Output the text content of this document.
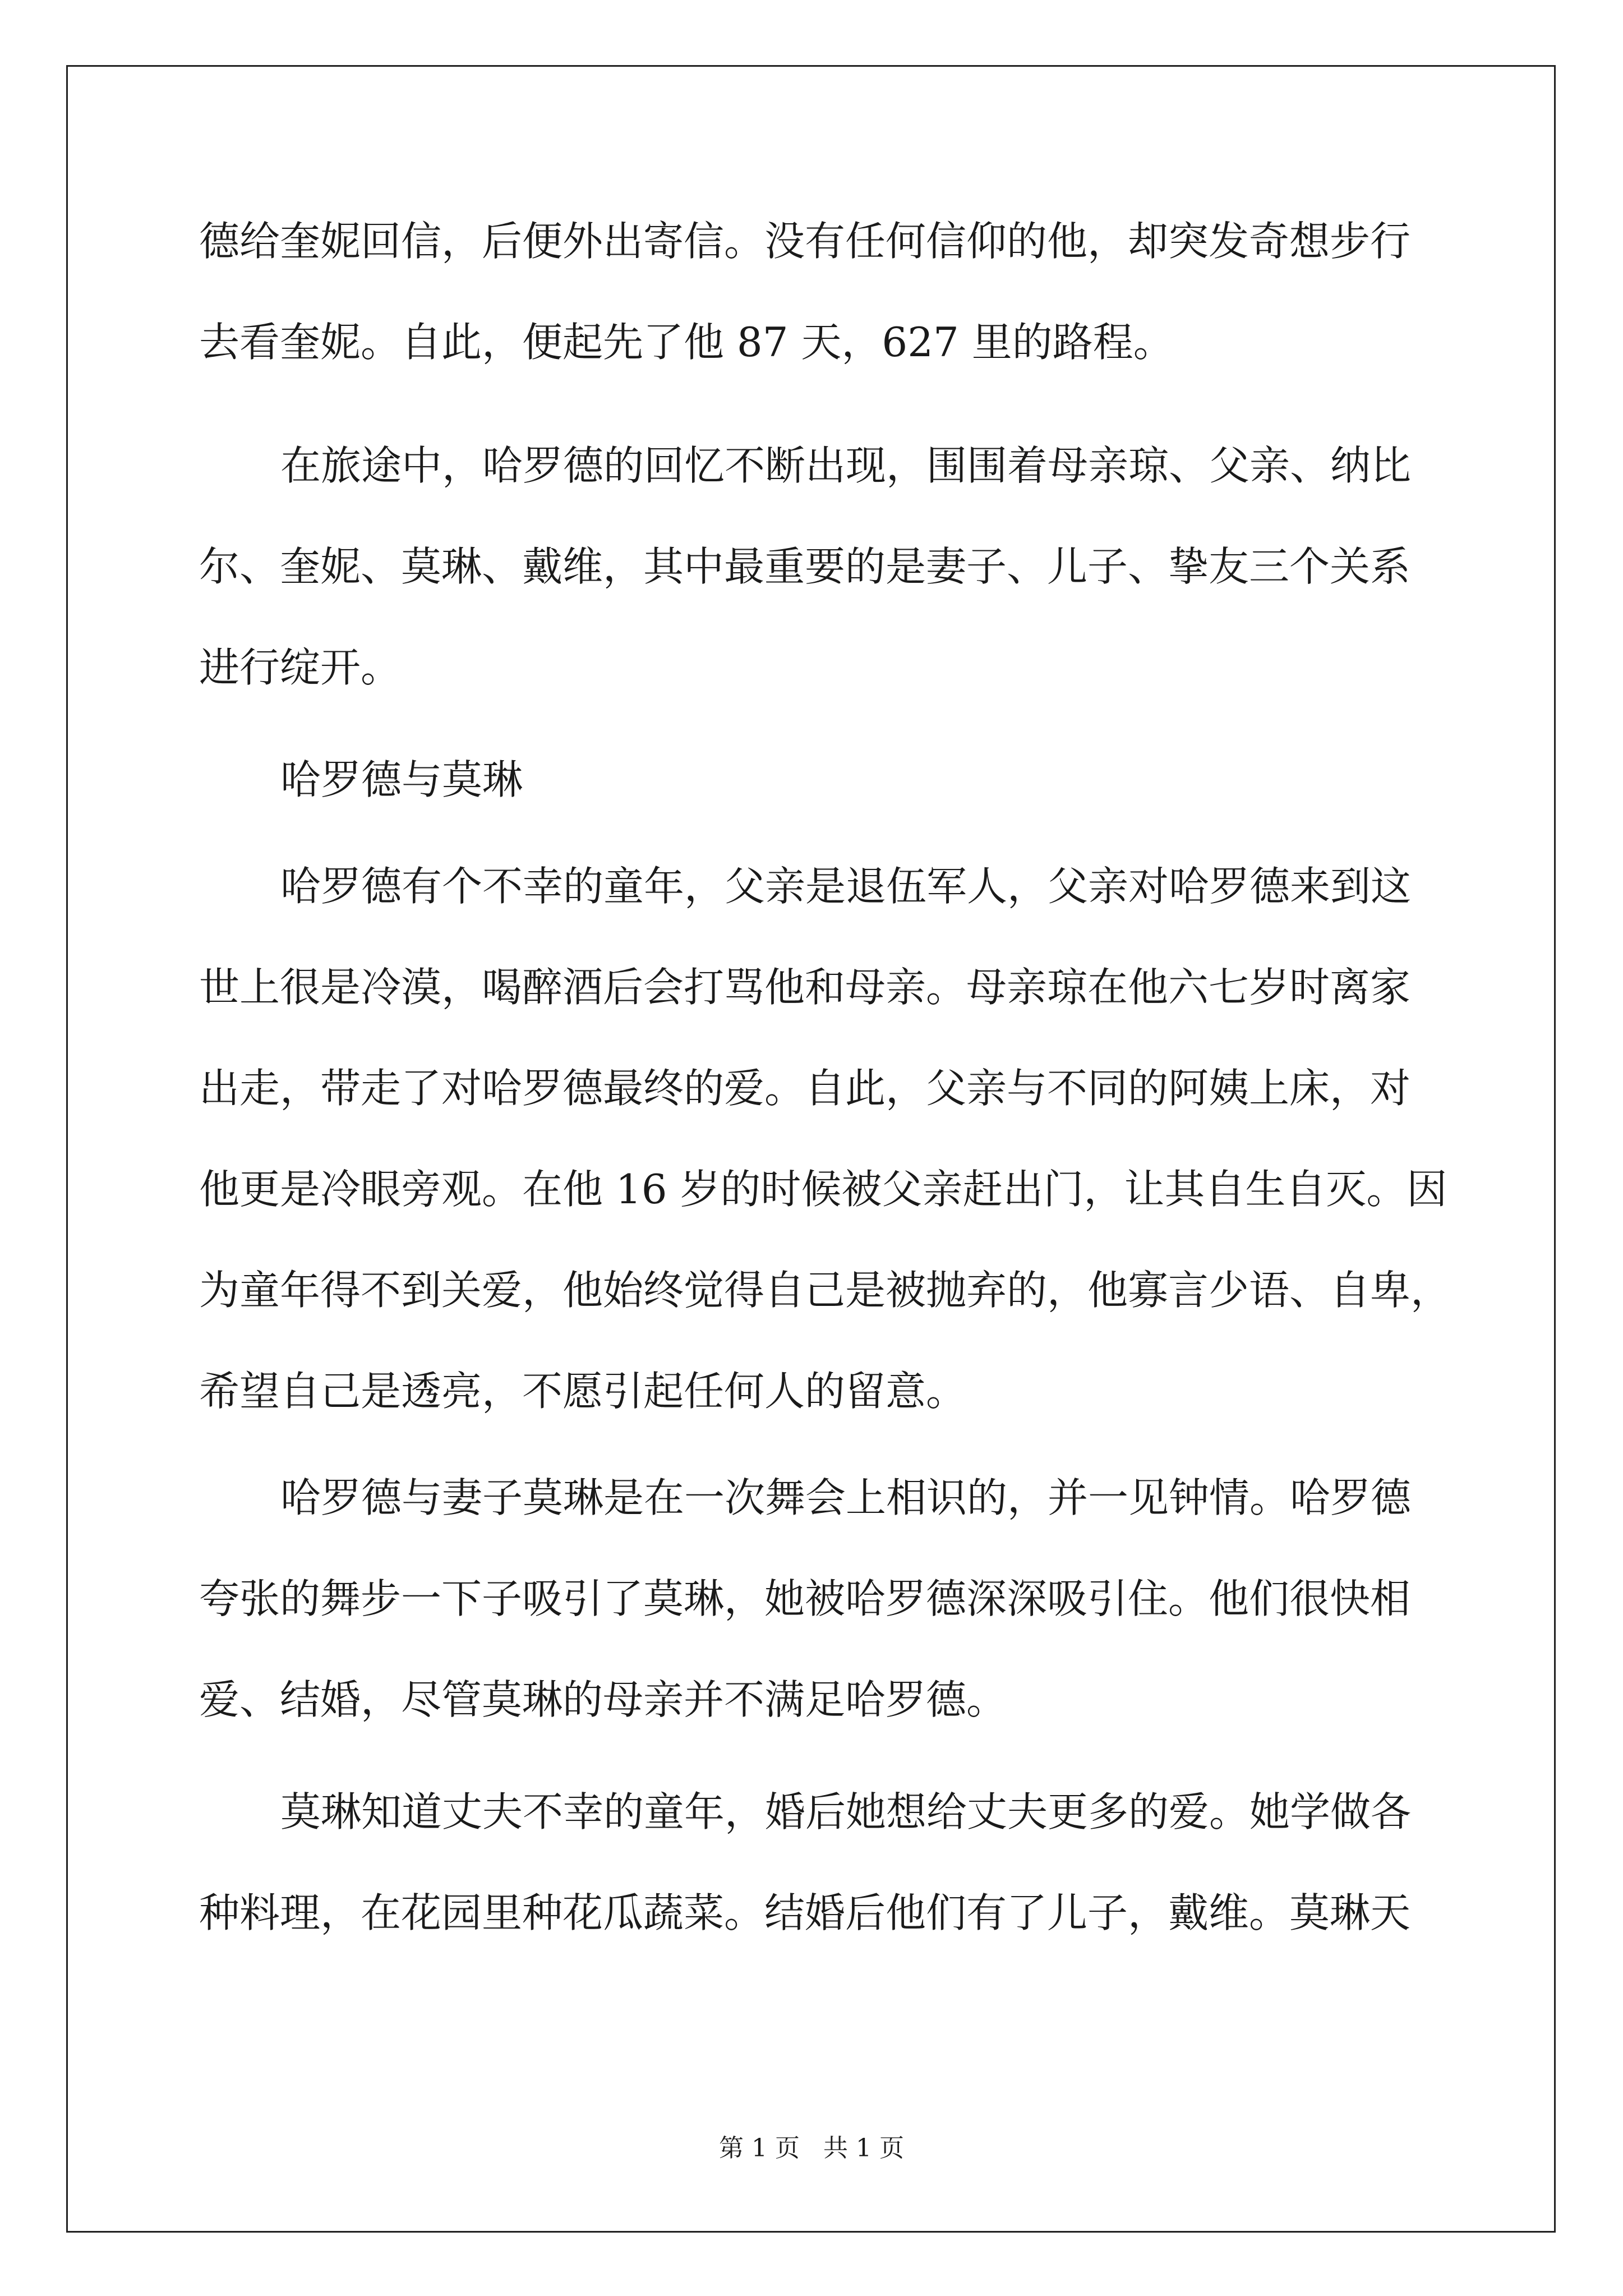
德给奎妮回信，后便外出寄信。没有任何信仰的他，却突发奇想步行
去看奎妮。自此，便起先了他 87 天，627 里的路程。
在旅途中，哈罗德的回忆不断出现，围围着母亲琼、父亲、纳比
尔、奎妮、莫琳、戴维，其中最重要的是妻子、儿子、挚友三个关系
进行绽开。
哈罗德与莫琳
哈罗德有个不幸的童年，父亲是退伍军人，父亲对哈罗德来到这
世上很是冷漠，喝醉酒后会打骂他和母亲。母亲琼在他六七岁时离家
出走，带走了对哈罗德最终的爱。自此，父亲与不同的阿姨上床，对
他更是冷眼旁观。在他 16 岁的时候被父亲赶出门，让其自生自灭。因
为童年得不到关爱，他始终觉得自己是被抛弃的，他寡言少语、自卑，
希望自己是透亮，不愿引起任何人的留意。
哈罗德与妻子莫琳是在一次舞会上相识的，并一见钟情。哈罗德
夸张的舞步一下子吸引了莫琳，她被哈罗德深深吸引住。他们很快相
爱、结婚，尽管莫琳的母亲并不满足哈罗德。
莫琳知道丈夫不幸的童年，婚后她想给丈夫更多的爱。她学做各
种料理，在花园里种花瓜蔬菜。结婚后他们有了儿子，戴维。莫琳天
第 1 页   共 1 页
